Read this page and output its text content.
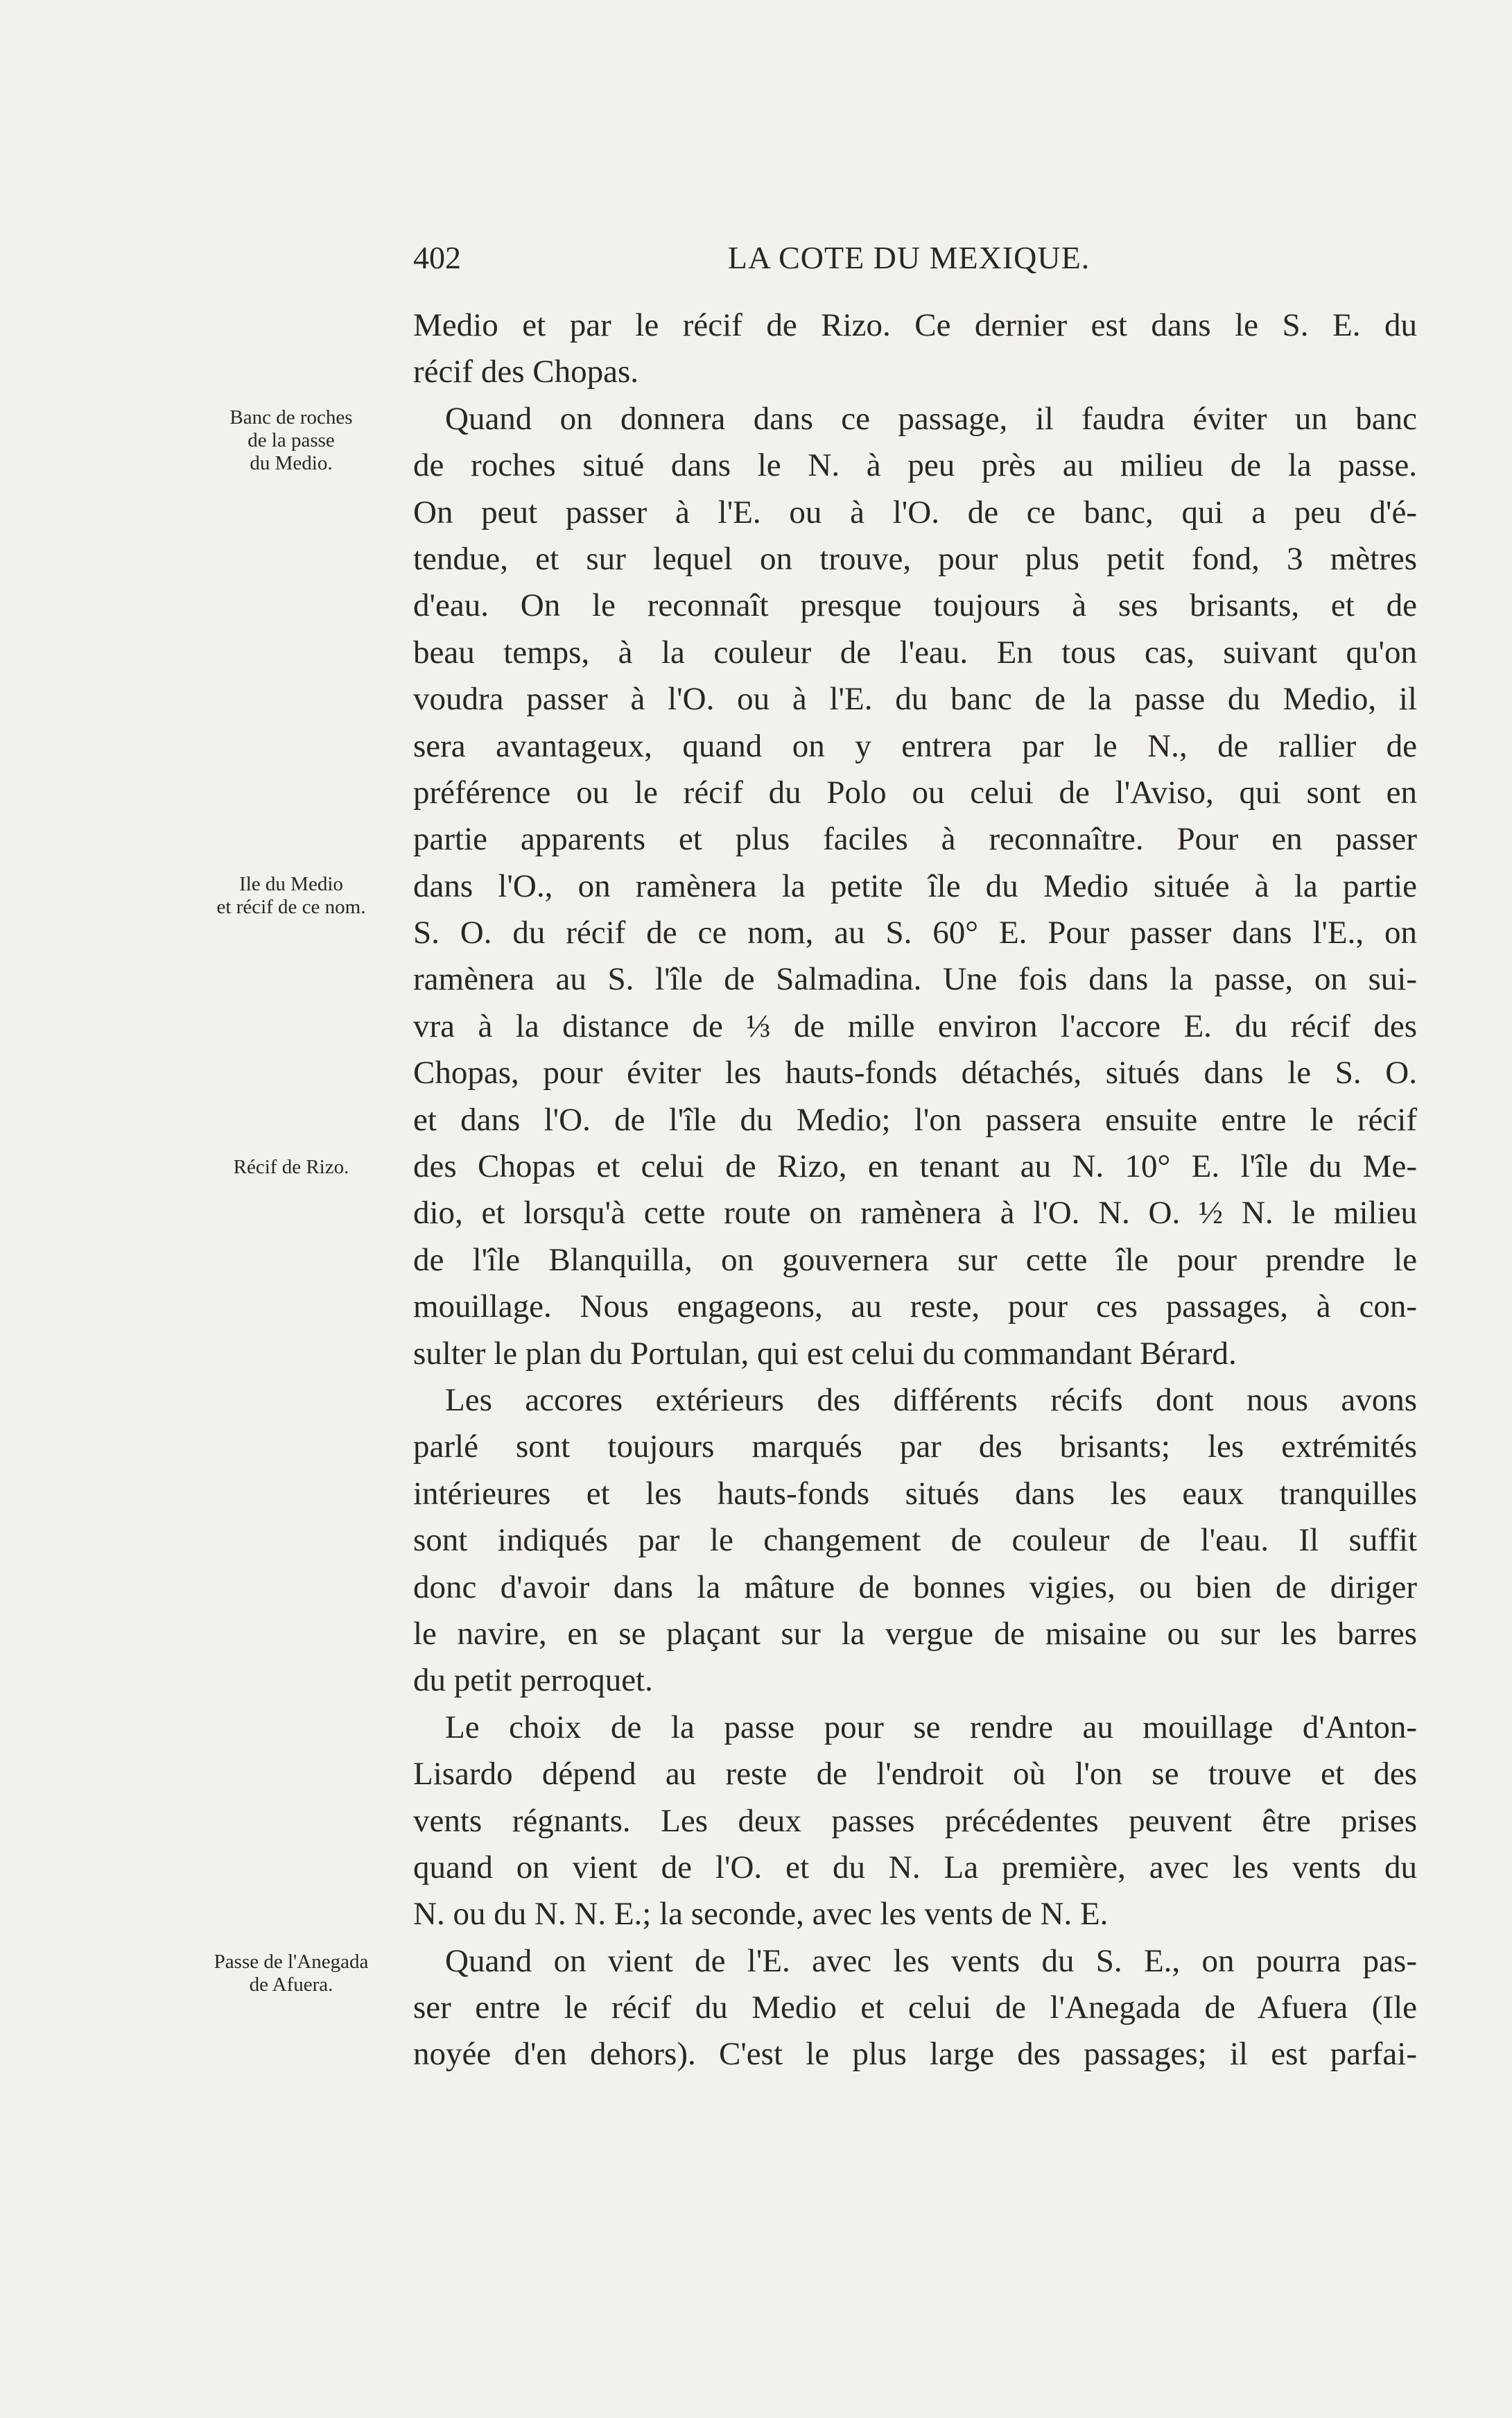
402	LA COTE DU MEXIQUE.
Banc de roches
de la passe
du Medio.
Ile du Medio
et récif de ce nom.
Récif de Rizo.
Passe de l'Anegada
de Afuera.
Medio et par le récif de Rizo. Ce dernier est dans le S. E. du
récif des Chopas.
Quand on donnera dans ce passage, il faudra éviter un banc
de roches situé dans le N. à peu près au milieu de la passe.
On peut passer à l'E. ou à l'O. de ce banc, qui a peu d'é-
tendue, et sur lequel on trouve, pour plus petit fond, 3 mètres
d'eau. On le reconnaît presque toujours à ses brisants, et de
beau temps, à la couleur de l'eau. En tous cas, suivant qu'on
voudra passer à l'O. ou à l'E. du banc de la passe du Medio, il
sera avantageux, quand on y entrera par le N., de rallier de
préférence ou le récif du Polo ou celui de l'Aviso, qui sont en
partie apparents et plus faciles à reconnaître. Pour en passer
dans l'O., on ramènera la petite île du Medio située à la partie
S. O. du récif de ce nom, au S. 60° E. Pour passer dans l'E., on
ramènera au S. l'île de Salmadina. Une fois dans la passe, on sui-
vra à la distance de ⅓ de mille environ l'accore E. du récif des
Chopas, pour éviter les hauts-fonds détachés, situés dans le S. O.
et dans l'O. de l'île du Medio; l'on passera ensuite entre le récif
des Chopas et celui de Rizo, en tenant au N. 10° E. l'île du Me-
dio, et lorsqu'à cette route on ramènera à l'O. N. O. ½ N. le milieu
de l'île Blanquilla, on gouvernera sur cette île pour prendre le
mouillage. Nous engageons, au reste, pour ces passages, à con-
sulter le plan du Portulan, qui est celui du commandant Bérard.
Les accores extérieurs des différents récifs dont nous avons
parlé sont toujours marqués par des brisants; les extrémités
intérieures et les hauts-fonds situés dans les eaux tranquilles
sont indiqués par le changement de couleur de l'eau. Il suffit
donc d'avoir dans la mâture de bonnes vigies, ou bien de diriger
le navire, en se plaçant sur la vergue de misaine ou sur les barres
du petit perroquet.
Le choix de la passe pour se rendre au mouillage d'Anton-
Lisardo dépend au reste de l'endroit où l'on se trouve et des
vents régnants. Les deux passes précédentes peuvent être prises
quand on vient de l'O. et du N. La première, avec les vents du
N. ou du N. N. E.; la seconde, avec les vents de N. E.
Quand on vient de l'E. avec les vents du S. E., on pourra pas-
ser entre le récif du Medio et celui de l'Anegada de Afuera (Ile
noyée d'en dehors). C'est le plus large des passages; il est parfai-
